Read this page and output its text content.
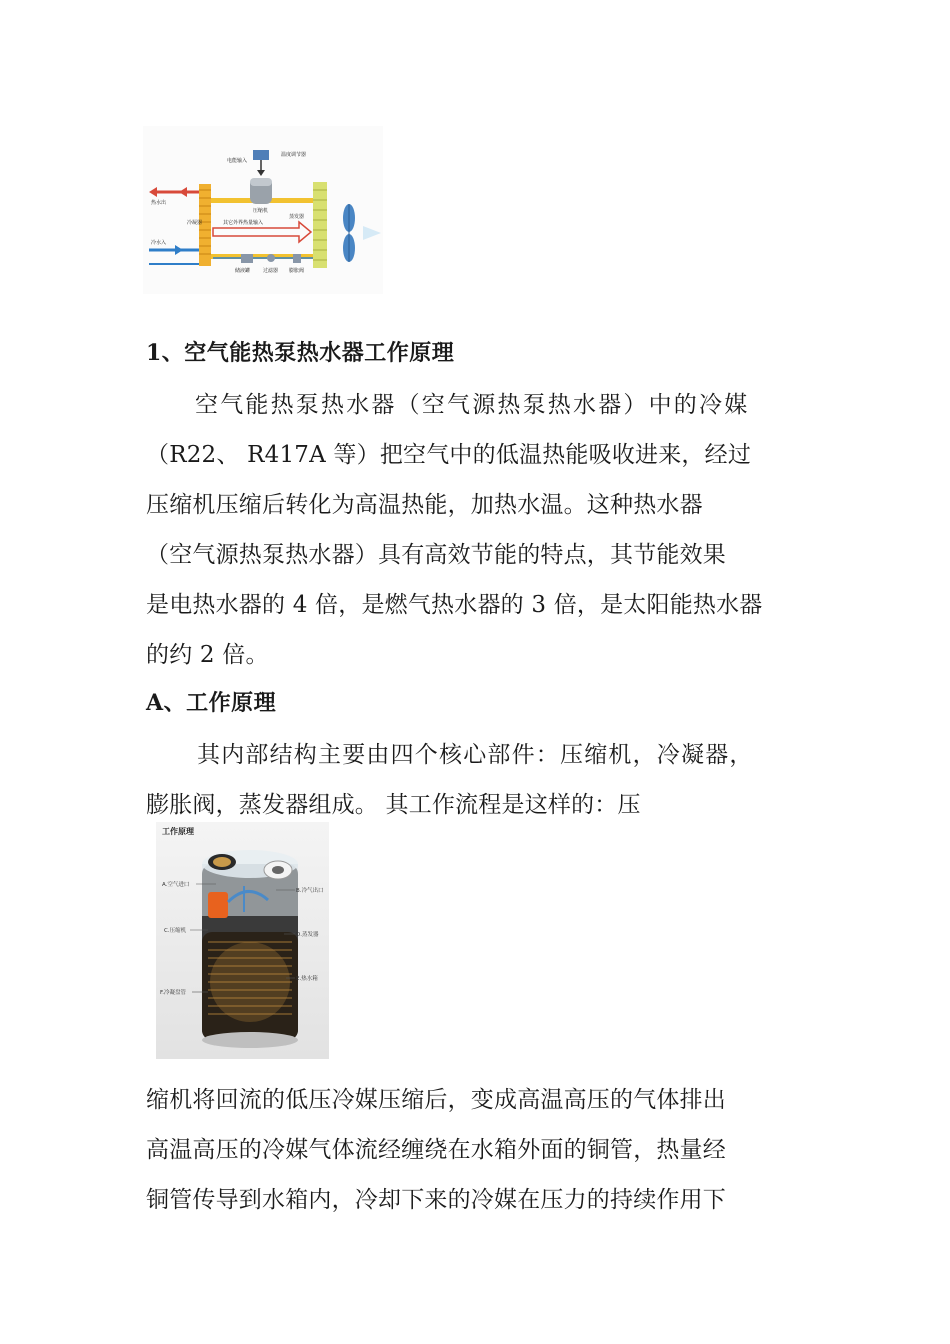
电能输入
温度调节器
压缩机
热水出
冷凝器	其它外界热量输入
蒸发器
冷水入
储液罐	过滤器 膨胀阀
1、空气能热泵热水器工作原理
空气能热泵热水器（空气源热泵热水器）中的冷媒
（R22、 R417A 等）把空气中的低温热能吸收进来，经过
压缩机压缩后转化为高温热能，加热水温。这种热水器
（空气源热泵热水器）具有高效节能的特点，其节能效果
是电热水器的 4 倍，是燃气热水器的 3 倍，是太阳能热水器
的约 2 倍。
A、工作原理
其内部结构主要由四个核心部件：压缩机，冷凝器，
膨胀阀，蒸发器组成。 其工作流程是这样的：压
工作原理
A.空气进口
B.冷气出口
C.压缩机
D.蒸发器
E.热水箱
F.冷凝盘管
缩机将回流的低压冷媒压缩后，变成高温高压的气体排出
高温高压的冷媒气体流经缠绕在水箱外面的铜管，热量经
铜管传导到水箱内，冷却下来的冷媒在压力的持续作用下
